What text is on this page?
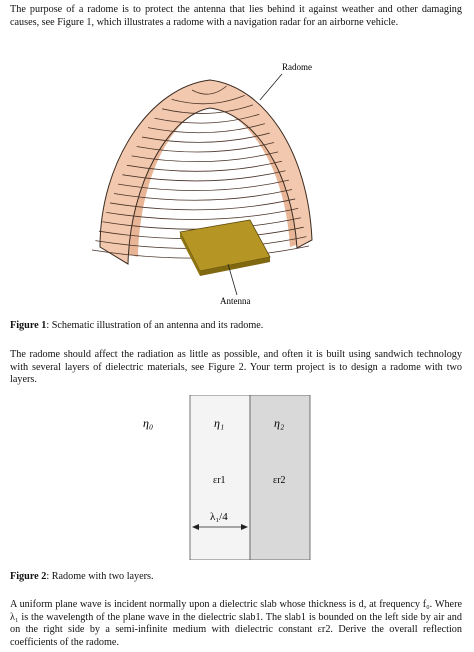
The purpose of a radome is to protect the antenna that lies behind it against weather and other damaging causes, see Figure 1, which illustrates a radome with a navigation radar for an airborne vehicle.

Radome
Antenna
Figure 1: Schematic illustration of an antenna and its radome.

The radome should affect the radiation as little as possible, and often it is built using sandwich technology with several layers of dielectric materials, see Figure 2. Your term project is to design a radome with two layers.

η₀	η₁	η₂
εr1	εr2
λ₁/4
Figure 2: Radome with two layers.

A uniform plane wave is incident normally upon a dielectric slab whose thickness is d, at frequency f₀. Where λ₁ is the wavelength of the plane wave in the dielectric slab1. The slab1 is bounded on the left side by air and on the right side by a semi-infinite medium with dielectric constant εr2. Derive the overall reflection coefficients of the radome.
